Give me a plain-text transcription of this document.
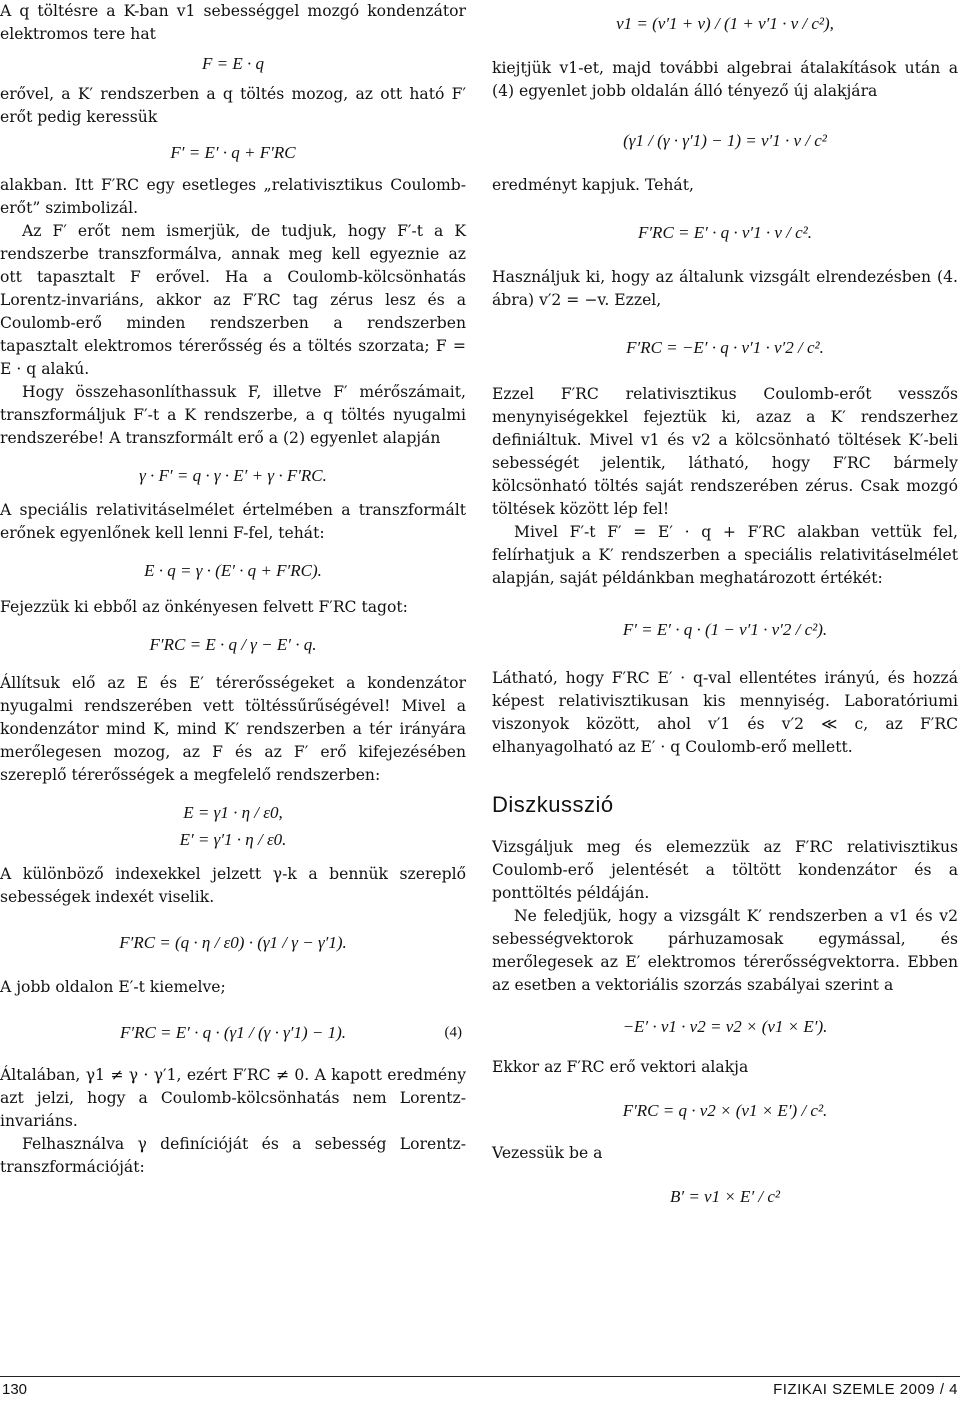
A q töltésre a K-ban v1 sebességgel mozgó kondenzátor elektromos tere hat

F = E · q

erővel, a K′ rendszerben a q töltés mozog, az ott ható F′ erőt pedig keressük

F′ = E′ · q + F′RC

alakban. Itt F′RC egy esetleges „relativisztikus Coulomb-erőt” szimbolizál.

Az F′ erőt nem ismerjük, de tudjuk, hogy F′-t a K rendszerbe transzformálva, annak meg kell egyeznie az ott tapasztalt F erővel. Ha a Coulomb-kölcsönhatás Lorentz-invariáns, akkor az F′RC tag zérus lesz és a Coulomb-erő minden rendszerben a rendszerben tapasztalt elektromos térerősség és a töltés szorzata; F = E · q alakú.

Hogy összehasonlíthassuk F, illetve F′ mérőszámait, transzformáljuk F′-t a K rendszerbe, a q töltés nyugalmi rendszerébe! A transzformált erő a (2) egyenlet alapján

γ · F′ = q · γ · E′ + γ · F′RC.

A speciális relativitáselmélet értelmében a transzformált erőnek egyenlőnek kell lenni F-fel, tehát:

E · q = γ · (E′ · q + F′RC).

Fejezzük ki ebből az önkényesen felvett F′RC tagot:

F′RC = E · q / γ − E′ · q.

Állítsuk elő az E és E′ térerősségeket a kondenzátor nyugalmi rendszerében vett töltéssűrűségével! Mivel a kondenzátor mind K, mind K′ rendszerben a tér irányára merőlegesen mozog, az F és az F′ erő kifejezésében szereplő térerősségek a megfelelő rendszerben:

E = γ1 · η / ε0,
E′ = γ′1 · η / ε0.

A különböző indexekkel jelzett γ-k a bennük szereplő sebességek indexét viselik.

F′RC = (q · η / ε0) · (γ1 / γ − γ′1).

A jobb oldalon E′-t kiemelve;

F′RC = E′ · q · (γ1 / (γ · γ′1) − 1).	(4)

Általában, γ1 ≠ γ · γ′1, ezért F′RC ≠ 0. A kapott eredmény azt jelzi, hogy a Coulomb-kölcsönhatás nem Lorentz-invariáns.

Felhasználva γ definícióját és a sebesség Lorentz-transzformációját:

v1 = (v′1 + v) / (1 + v′1 · v / c²),

kiejtjük v1-et, majd további algebrai átalakítások után a (4) egyenlet jobb oldalán álló tényező új alakjára

(γ1 / (γ · γ′1) − 1) = v′1 · v / c²

eredményt kapjuk. Tehát,

F′RC = E′ · q · v′1 · v / c².

Használjuk ki, hogy az általunk vizsgált elrendezésben (4. ábra) v′2 = −v. Ezzel,

F′RC = −E′ · q · v′1 · v′2 / c².

Ezzel F′RC relativisztikus Coulomb-erőt vesszős menynyiségekkel fejeztük ki, azaz a K′ rendszerhez definiáltuk. Mivel v1 és v2 a kölcsönható töltések K′-beli sebességét jelentik, látható, hogy F′RC bármely kölcsönható töltés saját rendszerében zérus. Csak mozgó töltések között lép fel!

Mivel F′-t F′ = E′ · q + F′RC alakban vettük fel, felírhatjuk a K′ rendszerben a speciális relativitáselmélet alapján, saját példánkban meghatározott értékét:

F′ = E′ · q · (1 − v′1 · v′2 / c²).

Látható, hogy F′RC E′ · q-val ellentétes irányú, és hozzá képest relativisztikusan kis mennyiség. Laboratóriumi viszonyok között, ahol v′1 és v′2 ≪ c, az F′RC elhanyagolható az E′ · q Coulomb-erő mellett.

Diszkusszió

Vizsgáljuk meg és elemezzük az F′RC relativisztikus Coulomb-erő jelentését a töltött kondenzátor és a ponttöltés példáján.

Ne feledjük, hogy a vizsgált K′ rendszerben a v1 és v2 sebességvektorok párhuzamosak egymással, és merőlegesek az E′ elektromos térerősségvektorra. Ebben az esetben a vektoriális szorzás szabályai szerint a

−E′ · v1 · v2 = v2 × (v1 × E′).

Ekkor az F′RC erő vektori alakja

F′RC = q · v2 × (v1 × E′) / c².

Vezessük be a

B′ = v1 × E′ / c²
130	FIZIKAI SZEMLE 2009 / 4
